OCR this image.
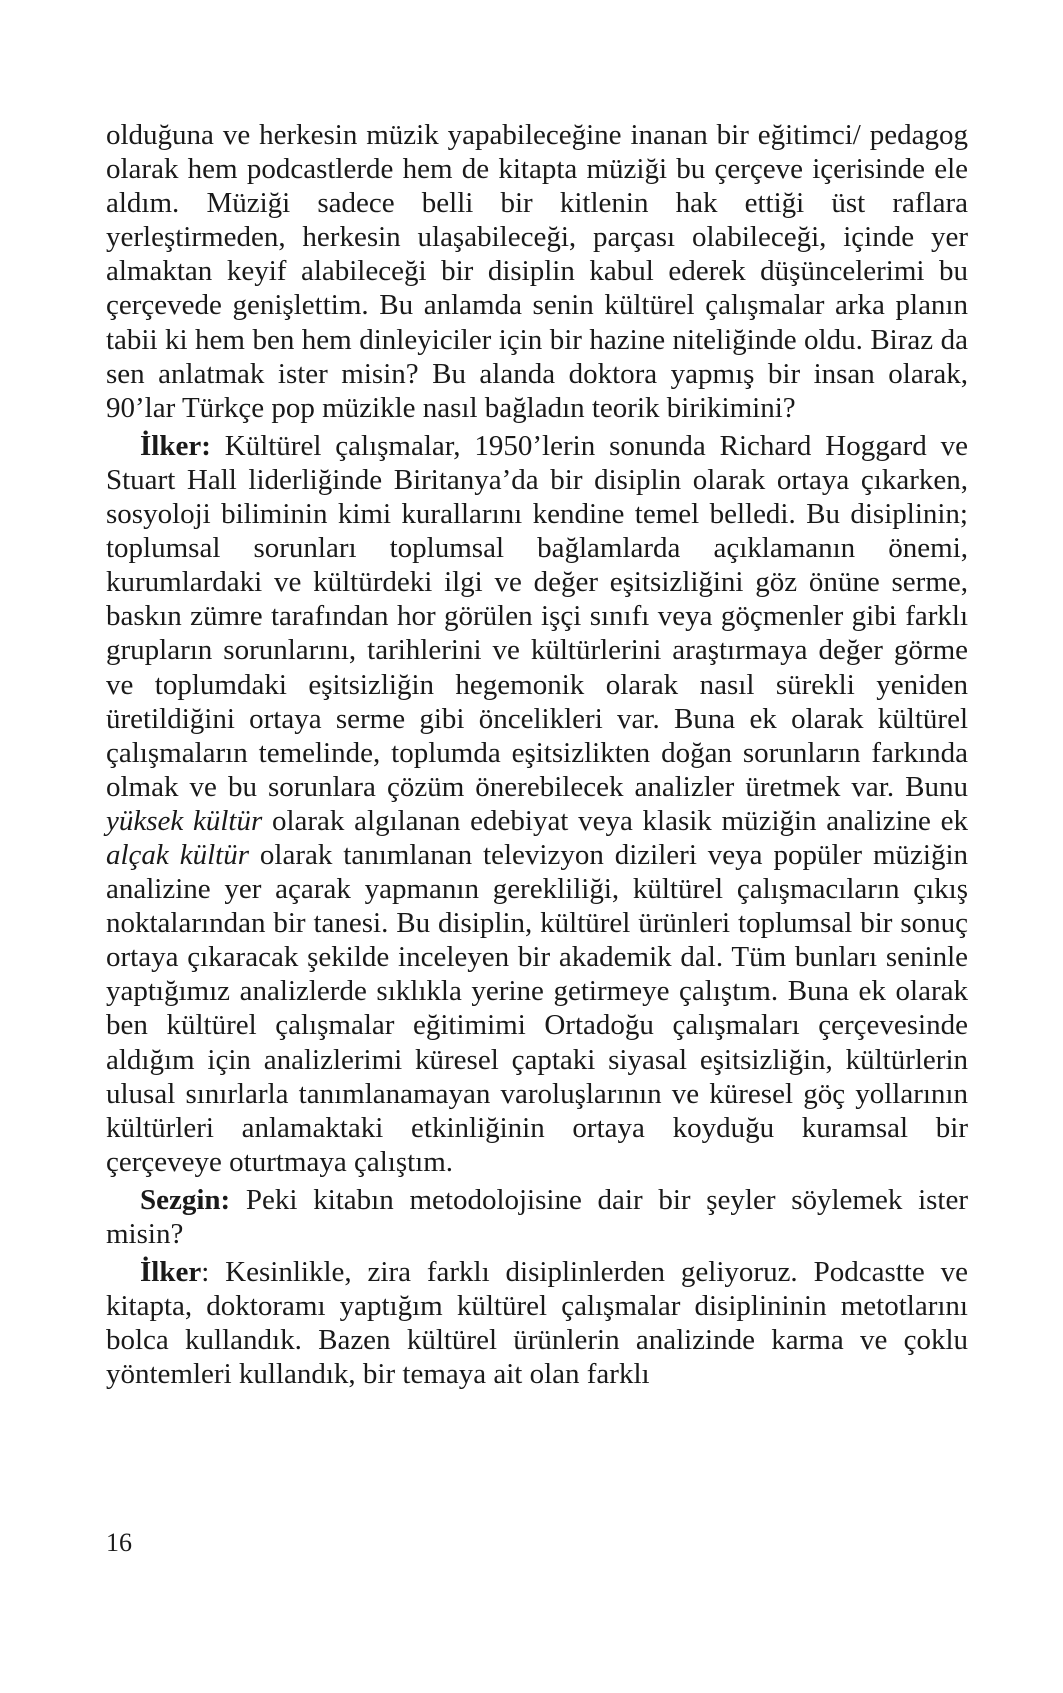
olduğuna ve herkesin müzik yapabileceğine inanan bir eğitimci/ pedagog olarak hem podcastlerde hem de kitapta müziği bu çerçeve içerisinde ele aldım. Müziği sadece belli bir kitlenin hak ettiği üst raflara yerleştirmeden, herkesin ulaşabileceği, parçası olabileceği, içinde yer almaktan keyif alabileceği bir disiplin kabul ederek düşüncelerimi bu çerçevede genişlettim. Bu anlamda senin kültürel çalışmalar arka planın tabii ki hem ben hem dinleyiciler için bir hazine niteliğinde oldu. Biraz da sen anlatmak ister misin? Bu alanda doktora yapmış bir insan olarak, 90’lar Türkçe pop müzikle nasıl bağladın teorik birikimini?

İlker: Kültürel çalışmalar, 1950’lerin sonunda Richard Hoggard ve Stuart Hall liderliğinde Biritanya’da bir disiplin olarak ortaya çıkarken, sosyoloji biliminin kimi kurallarını kendine temel belledi. Bu disiplinin; toplumsal sorunları toplumsal bağlamlarda açıklamanın önemi, kurumlardaki ve kültürdeki ilgi ve değer eşitsizliğini göz önüne serme, baskın zümre tarafından hor görülen işçi sınıfı veya göçmenler gibi farklı grupların sorunlarını, tarihlerini ve kültürlerini araştırmaya değer görme ve toplumdaki eşitsizliğin hegemonik olarak nasıl sürekli yeniden üretildiğini ortaya serme gibi öncelikleri var. Buna ek olarak kültürel çalışmaların temelinde, toplumda eşitsizlikten doğan sorunların farkında olmak ve bu sorunlara çözüm önerebilecek analizler üretmek var. Bunu yüksek kültür olarak algılanan edebiyat veya klasik müziğin analizine ek alçak kültür olarak tanımlanan televizyon dizileri veya popüler müziğin analizine yer açarak yapmanın gerekliliği, kültürel çalışmacıların çıkış noktalarından bir tanesi. Bu disiplin, kültürel ürünleri toplumsal bir sonuç ortaya çıkaracak şekilde inceleyen bir akademik dal. Tüm bunları seninle yaptığımız analizlerde sıklıkla yerine getirmeye çalıştım. Buna ek olarak ben kültürel çalışmalar eğitimimi Ortadoğu çalışmaları çerçevesinde aldığım için analizlerimi küresel çaptaki siyasal eşitsizliğin, kültürlerin ulusal sınırlarla tanımlanamayan varoluşlarının ve küresel göç yollarının kültürleri anlamaktaki etkinliğinin ortaya koyduğu kuramsal bir çerçeveye oturtmaya çalıştım.

Sezgin: Peki kitabın metodolojisine dair bir şeyler söylemek ister misin?

İlker: Kesinlikle, zira farklı disiplinlerden geliyoruz. Podcastte ve kitapta, doktoramı yaptığım kültürel çalışmalar disiplininin metotlarını bolca kullandık. Bazen kültürel ürünlerin analizinde karma ve çoklu yöntemleri kullandık, bir temaya ait olan farklı

16
